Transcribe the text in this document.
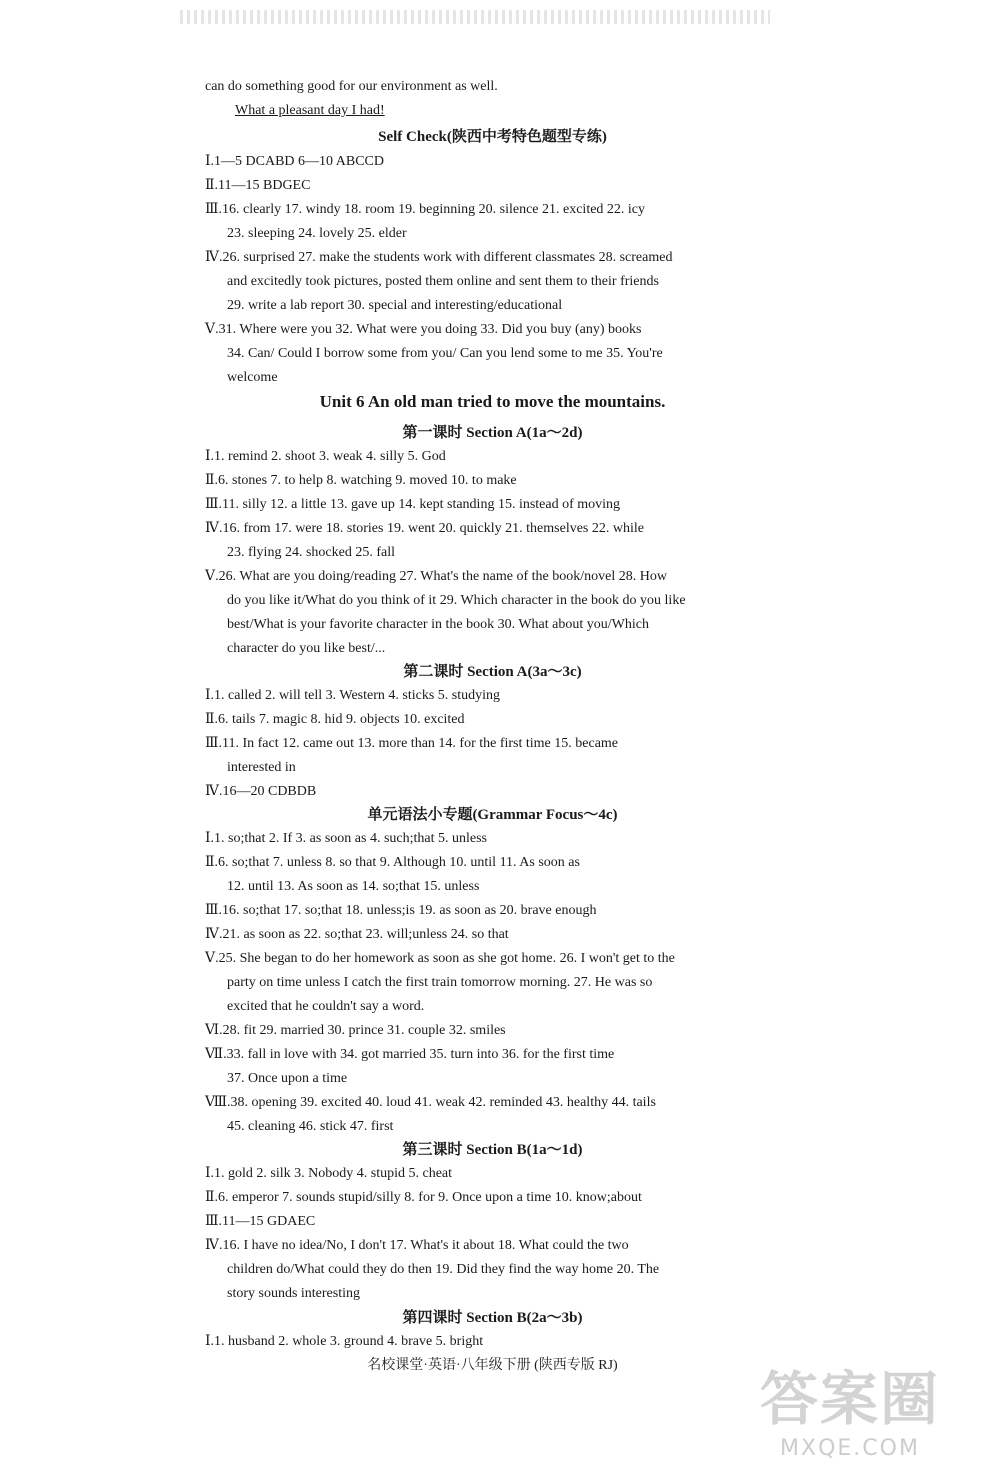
can do something good for our environment as well.
What a pleasant day I had!
Self Check(陕西中考特色题型专练)
Ⅰ.1—5 DCABD 6—10 ABCCD
Ⅱ.11—15 BDGEC
Ⅲ.16. clearly 17. windy 18. room 19. beginning 20. silence 21. excited 22. icy
23. sleeping 24. lovely 25. elder
Ⅳ.26. surprised 27. make the students work with different classmates 28. screamed
and excitedly took pictures, posted them online and sent them to their friends
29. write a lab report 30. special and interesting/educational
Ⅴ.31. Where were you 32. What were you doing 33. Did you buy (any) books
34. Can/ Could I borrow some from you/ Can you lend some to me 35. You're
welcome
Unit 6 An old man tried to move the mountains.
第一课时 Section A(1a～2d)
Ⅰ.1. remind 2. shoot 3. weak 4. silly 5. God
Ⅱ.6. stones 7. to help 8. watching 9. moved 10. to make
Ⅲ.11. silly 12. a little 13. gave up 14. kept standing 15. instead of moving
Ⅳ.16. from 17. were 18. stories 19. went 20. quickly 21. themselves 22. while
23. flying 24. shocked 25. fall
Ⅴ.26. What are you doing/reading 27. What's the name of the book/novel 28. How
do you like it/What do you think of it 29. Which character in the book do you like
best/What is your favorite character in the book 30. What about you/Which
character do you like best/...
第二课时 Section A(3a～3c)
Ⅰ.1. called 2. will tell 3. Western 4. sticks 5. studying
Ⅱ.6. tails 7. magic 8. hid 9. objects 10. excited
Ⅲ.11. In fact 12. came out 13. more than 14. for the first time 15. became
interested in
Ⅳ.16—20 CDBDB
单元语法小专题(Grammar Focus～4c)
Ⅰ.1. so;that 2. If 3. as soon as 4. such;that 5. unless
Ⅱ.6. so;that 7. unless 8. so that 9. Although 10. until 11. As soon as
12. until 13. As soon as 14. so;that 15. unless
Ⅲ.16. so;that 17. so;that 18. unless;is 19. as soon as 20. brave enough
Ⅳ.21. as soon as 22. so;that 23. will;unless 24. so that
Ⅴ.25. She began to do her homework as soon as she got home. 26. I won't get to the
party on time unless I catch the first train tomorrow morning. 27. He was so
excited that he couldn't say a word.
Ⅵ.28. fit 29. married 30. prince 31. couple 32. smiles
Ⅶ.33. fall in love with 34. got married 35. turn into 36. for the first time
37. Once upon a time
Ⅷ.38. opening 39. excited 40. loud 41. weak 42. reminded 43. healthy 44. tails
45. cleaning 46. stick 47. first
第三课时 Section B(1a～1d)
Ⅰ.1. gold 2. silk 3. Nobody 4. stupid 5. cheat
Ⅱ.6. emperor 7. sounds stupid/silly 8. for 9. Once upon a time 10. know;about
Ⅲ.11—15 GDAEC
Ⅳ.16. I have no idea/No, I don't 17. What's it about 18. What could the two
children do/What could they do then 19. Did they find the way home 20. The
story sounds interesting
第四课时 Section B(2a～3b)
Ⅰ.1. husband 2. whole 3. ground 4. brave 5. bright
名校课堂·英语·八年级下册 (陕西专版 RJ)	答案圈
MXQE.COM
